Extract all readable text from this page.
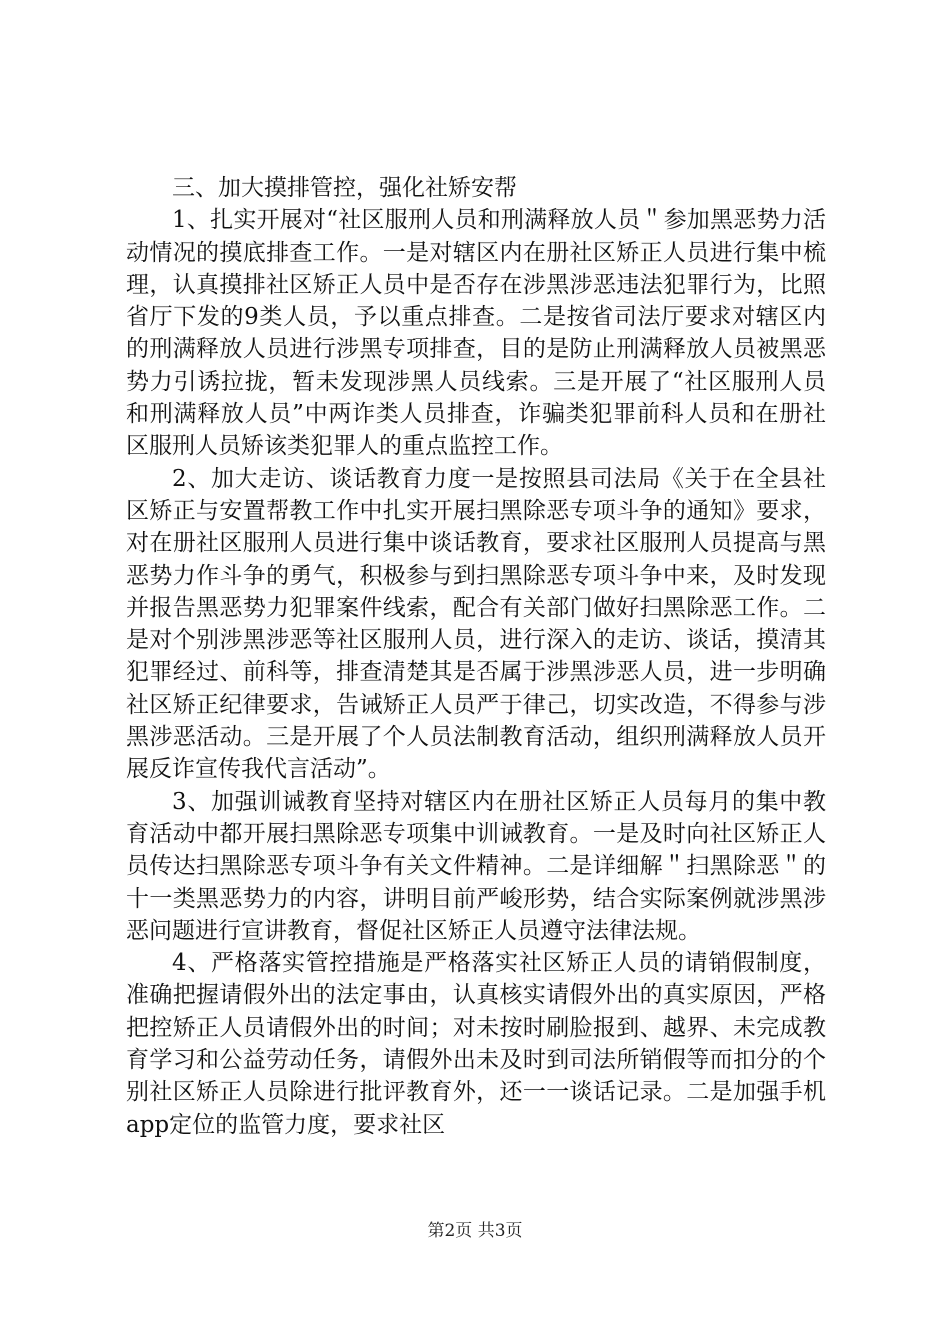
三、加大摸排管控，强化社矫安帮

1、扎实开展对“社区服刑人员和刑满释放人员＂参加黑恶势力活动情况的摸底排查工作。一是对辖区内在册社区矫正人员进行集中梳理，认真摸排社区矫正人员中是否存在涉黑涉恶违法犯罪行为，比照省厅下发的9类人员，予以重点排查。二是按省司法厅要求对辖区内的刑满释放人员进行涉黑专项排查，目的是防止刑满释放人员被黑恶势力引诱拉拢，暂未发现涉黑人员线索。三是开展了“社区服刑人员和刑满释放人员”中两诈类人员排查，诈骗类犯罪前科人员和在册社区服刑人员矫该类犯罪人的重点监控工作。

2、加大走访、谈话教育力度一是按照县司法局《关于在全县社区矫正与安置帮教工作中扎实开展扫黑除恶专项斗争的通知》要求，对在册社区服刑人员进行集中谈话教育，要求社区服刑人员提高与黑恶势力作斗争的勇气，积极参与到扫黑除恶专项斗争中来，及时发现并报告黑恶势力犯罪案件线索，配合有关部门做好扫黑除恶工作。二是对个别涉黑涉恶等社区服刑人员，进行深入的走访、谈话，摸清其犯罪经过、前科等，排查清楚其是否属于涉黑涉恶人员，进一步明确社区矫正纪律要求，告诫矫正人员严于律己，切实改造，不得参与涉黑涉恶活动。三是开展了个人员法制教育活动，组织刑满释放人员开展反诈宣传我代言活动”。

3、加强训诫教育坚持对辖区内在册社区矫正人员每月的集中教育活动中都开展扫黑除恶专项集中训诫教育。一是及时向社区矫正人员传达扫黑除恶专项斗争有关文件精神。二是详细解＂扫黑除恶＂的十一类黑恶势力的内容，讲明目前严峻形势，结合实际案例就涉黑涉恶问题进行宣讲教育，督促社区矫正人员遵守法律法规。

4、严格落实管控措施是严格落实社区矫正人员的请销假制度，准确把握请假外出的法定事由，认真核实请假外出的真实原因，严格把控矫正人员请假外出的时间；对未按时刷脸报到、越界、未完成教育学习和公益劳动任务，请假外出未及时到司法所销假等而扣分的个别社区矫正人员除进行批评教育外，还一一谈话记录。二是加强手机app定位的监管力度，要求社区

第2页 共3页
